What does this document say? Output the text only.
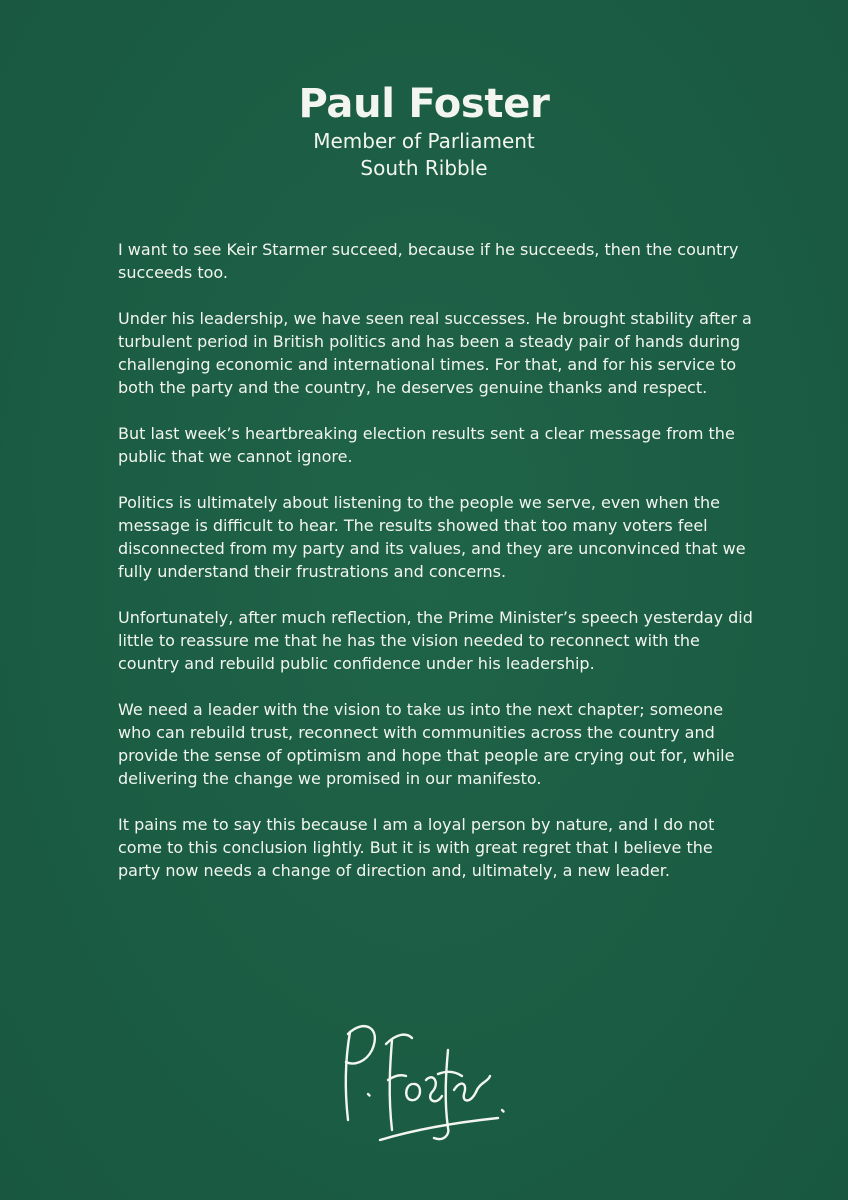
Paul Foster

Member of Parliament

South Ribble

I want to see Keir Starmer succeed, because if he succeeds, then the country succeeds too.

Under his leadership, we have seen real successes. He brought stability after a turbulent period in British politics and has been a steady pair of hands during challenging economic and international times. For that, and for his service to both the party and the country, he deserves genuine thanks and respect.

But last week’s heartbreaking election results sent a clear message from the public that we cannot ignore.

Politics is ultimately about listening to the people we serve, even when the message is difficult to hear. The results showed that too many voters feel disconnected from my party and its values, and they are unconvinced that we fully understand their frustrations and concerns.

Unfortunately, after much reflection, the Prime Minister’s speech yesterday did little to reassure me that he has the vision needed to reconnect with the country and rebuild public confidence under his leadership.

We need a leader with the vision to take us into the next chapter; someone who can rebuild trust, reconnect with communities across the country and provide the sense of optimism and hope that people are crying out for, while delivering the change we promised in our manifesto.

It pains me to say this because I am a loyal person by nature, and I do not come to this conclusion lightly. But it is with great regret that I believe the party now needs a change of direction and, ultimately, a new leader.
